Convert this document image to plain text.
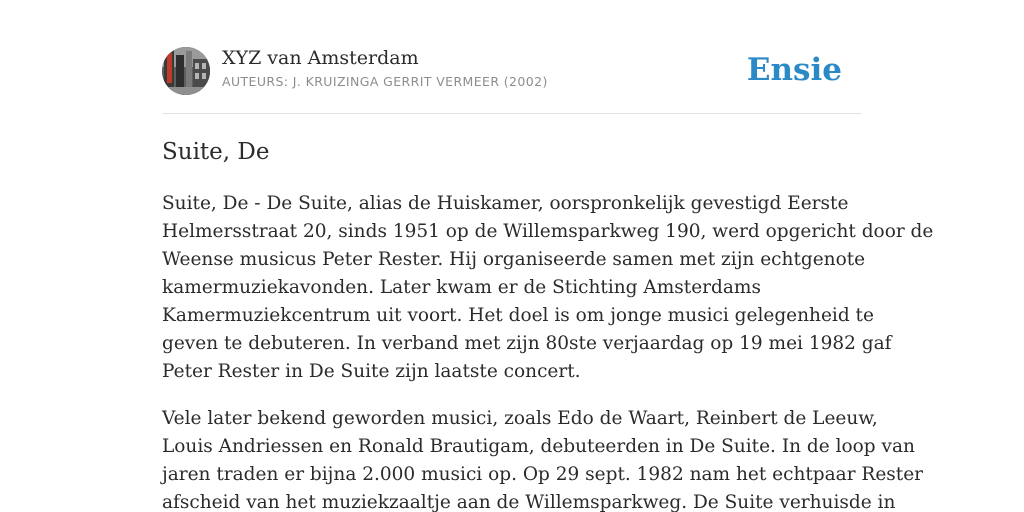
XYZ van Amsterdam
AUTEURS: J. KRUIZINGA GERRIT VERMEER (2002)	Ensie
Suite, De

Suite, De - De Suite, alias de Huiskamer, oorspronkelijk gevestigd Eerste
Helmersstraat 20, sinds 1951 op de Willemsparkweg 190, werd opgericht door de
Weense musicus Peter Rester. Hij organiseerde samen met zijn echtgenote
kamermuziekavonden. Later kwam er de Stichting Amsterdams
Kamermuziekcentrum uit voort. Het doel is om jonge musici gelegenheid te
geven te debuteren. In verband met zijn 80ste verjaardag op 19 mei 1982 gaf
Peter Rester in De Suite zijn laatste concert.

Vele later bekend geworden musici, zoals Edo de Waart, Reinbert de Leeuw,
Louis Andriessen en Ronald Brautigam, debuteerden in De Suite. In de loop van
jaren traden er bijna 2.000 musici op. Op 29 sept. 1982 nam het echtpaar Rester
afscheid van het muziekzaaltje aan de Willemsparkweg. De Suite verhuisde in
